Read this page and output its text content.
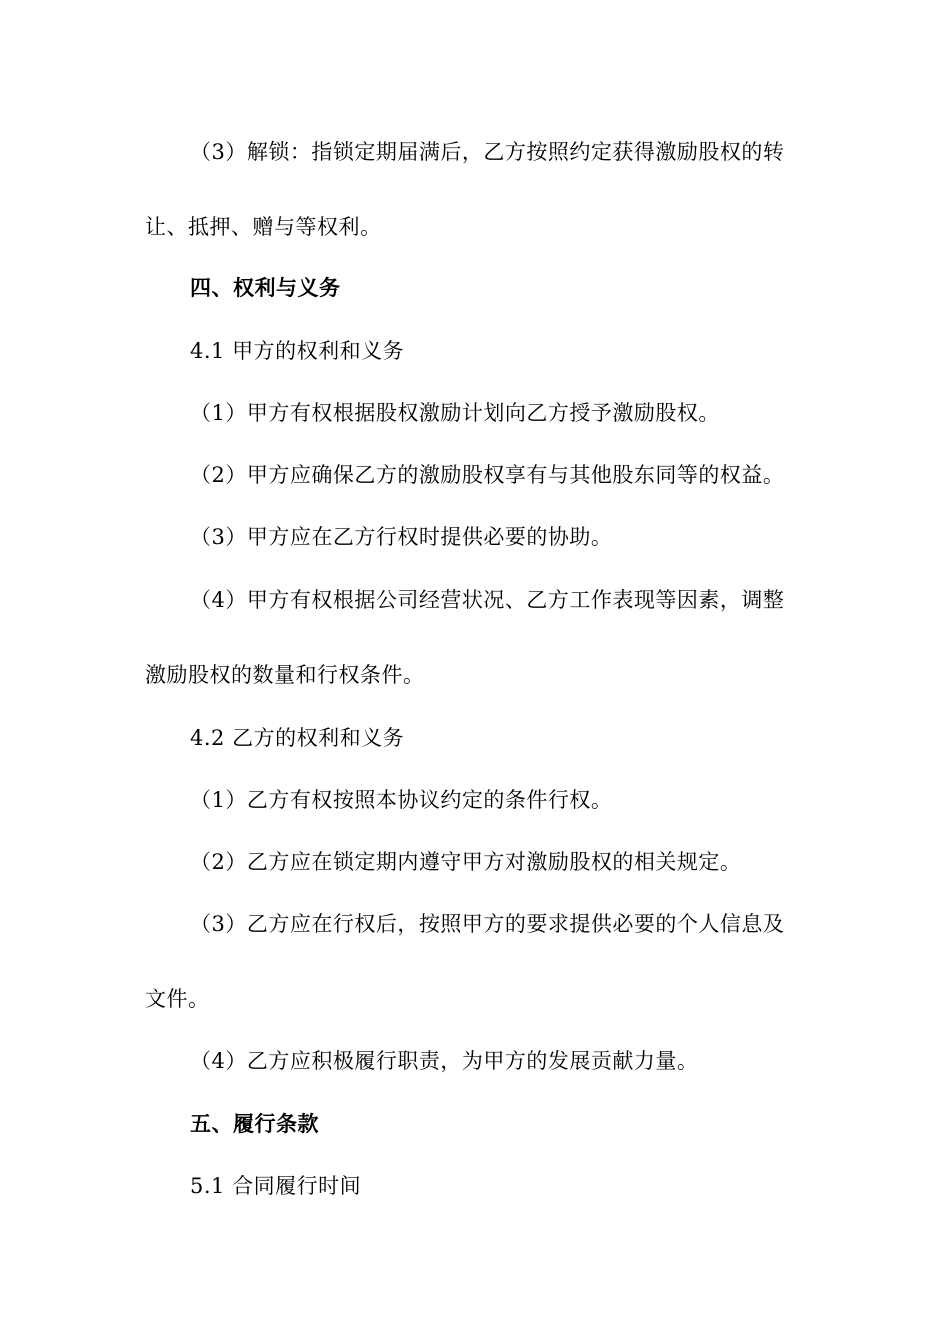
（3）解锁：指锁定期届满后，乙方按照约定获得激励股权的转
让、抵押、赠与等权利。
四、权利与义务
4.1 甲方的权利和义务
（1）甲方有权根据股权激励计划向乙方授予激励股权。
（2）甲方应确保乙方的激励股权享有与其他股东同等的权益。
（3）甲方应在乙方行权时提供必要的协助。
（4）甲方有权根据公司经营状况、乙方工作表现等因素，调整
激励股权的数量和行权条件。
4.2 乙方的权利和义务
（1）乙方有权按照本协议约定的条件行权。
（2）乙方应在锁定期内遵守甲方对激励股权的相关规定。
（3）乙方应在行权后，按照甲方的要求提供必要的个人信息及
文件。
（4）乙方应积极履行职责，为甲方的发展贡献力量。
五、履行条款
5.1 合同履行时间
